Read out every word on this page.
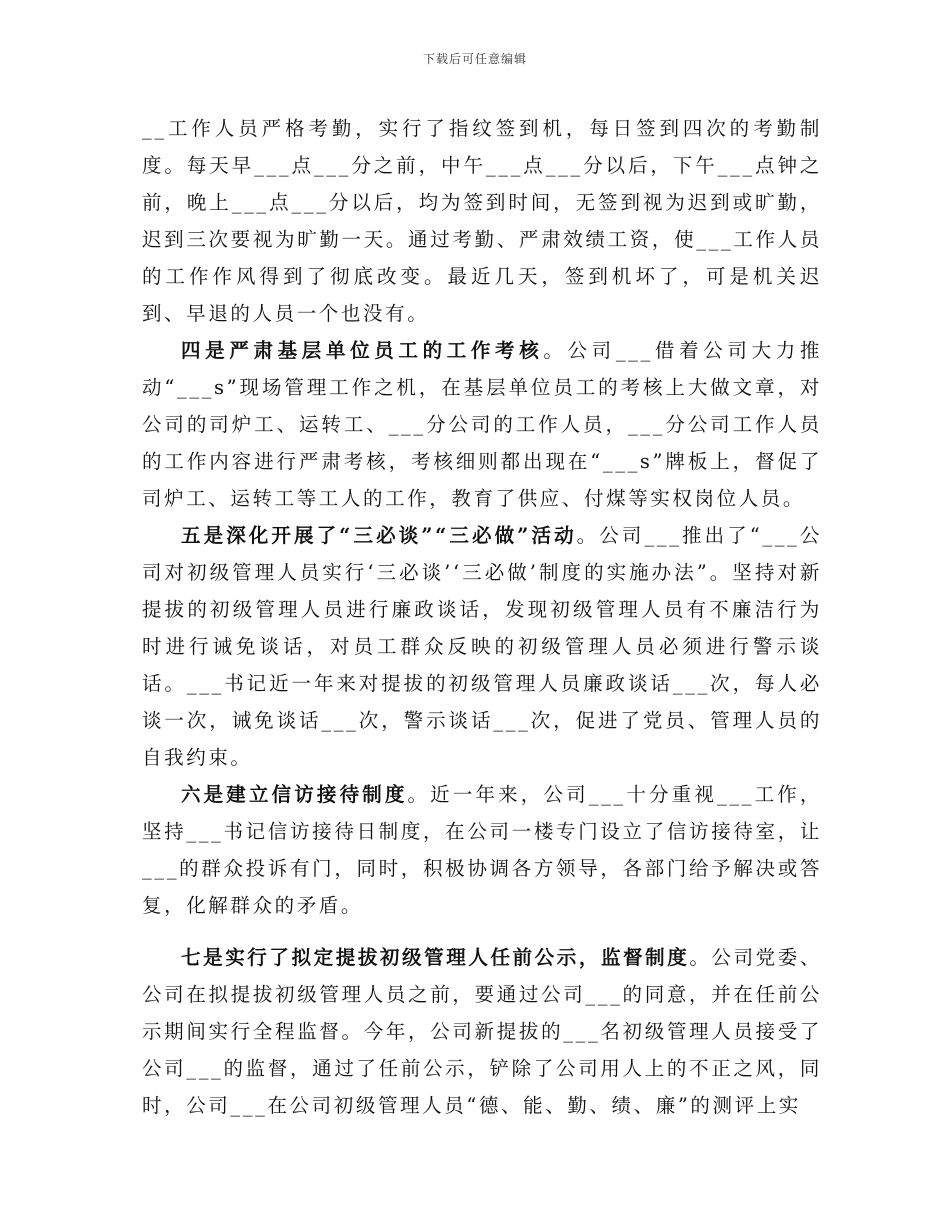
下载后可任意编辑

__工作人员严格考勤，实行了指纹签到机，每日签到四次的考勤制度。每天早___点___分之前，中午___点___分以后，下午___点钟之前，晚上___点___分以后，均为签到时间，无签到视为迟到或旷勤，迟到三次要视为旷勤一天。通过考勤、严肃效绩工资，使___工作人员的工作作风得到了彻底改变。最近几天，签到机坏了，可是机关迟到、早退的人员一个也没有。

四是严肃基层单位员工的工作考核。公司___借着公司大力推动“___s”现场管理工作之机，在基层单位员工的考核上大做文章，对公司的司炉工、运转工、___分公司的工作人员，___分公司工作人员的工作内容进行严肃考核，考核细则都出现在“___s”牌板上，督促了司炉工、运转工等工人的工作，教育了供应、付煤等实权岗位人员。

五是深化开展了“三必谈”“三必做”活动。公司___推出了“___公司对初级管理人员实行‘三必谈’‘三必做’制度的实施办法”。坚持对新提拔的初级管理人员进行廉政谈话，发现初级管理人员有不廉洁行为时进行诫免谈话，对员工群众反映的初级管理人员必须进行警示谈话。___书记近一年来对提拔的初级管理人员廉政谈话___次，每人必谈一次，诫免谈话___次，警示谈话___次，促进了党员、管理人员的自我约束。

六是建立信访接待制度。近一年来，公司___十分重视___工作，坚持___书记信访接待日制度，在公司一楼专门设立了信访接待室，让___的群众投诉有门，同时，积极协调各方领导，各部门给予解决或答复，化解群众的矛盾。

七是实行了拟定提拔初级管理人任前公示，监督制度。公司党委、公司在拟提拔初级管理人员之前，要通过公司___的同意，并在任前公示期间实行全程监督。今年，公司新提拔的___名初级管理人员接受了公司___的监督，通过了任前公示，铲除了公司用人上的不正之风，同时，公司___在公司初级管理人员“德、能、勤、绩、廉”的测评上实
